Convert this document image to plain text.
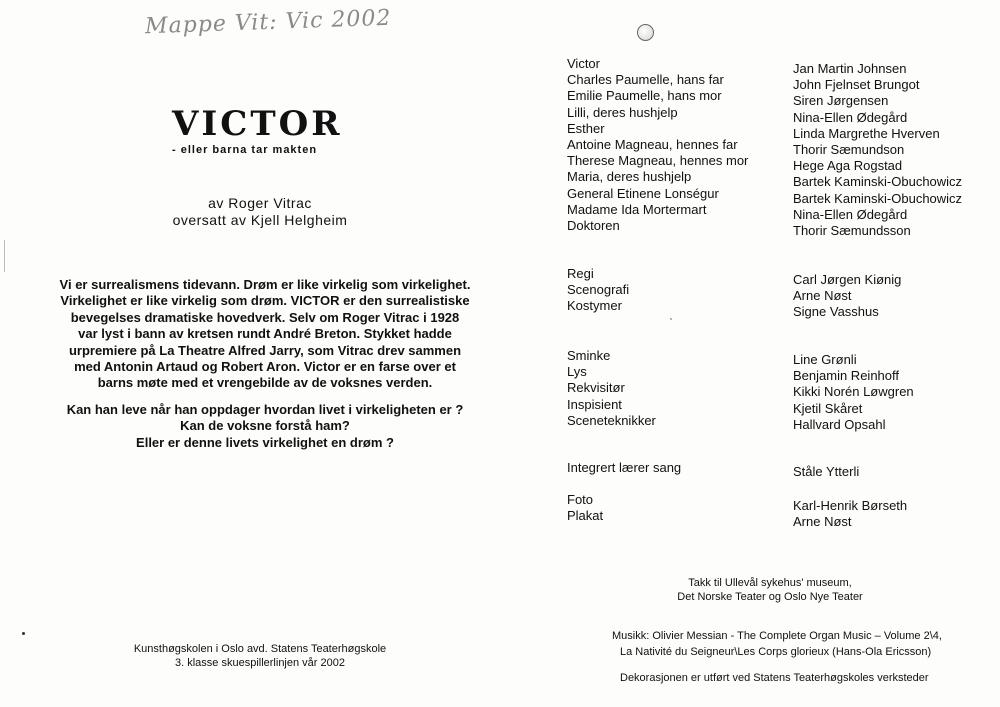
Mappe Vit: Vic 2002
VICTOR
- eller barna tar makten
av Roger Vitrac
oversatt av Kjell Helgheim
Vi er surrealismens tidevann. Drøm er like virkelig som virkelighet.
Virkelighet er like virkelig som drøm. VICTOR er den surrealistiske
bevegelses dramatiske hovedverk. Selv om Roger Vitrac i 1928
var lyst i bann av kretsen rundt André Breton. Stykket hadde
urpremiere på La Theatre Alfred Jarry, som Vitrac drev sammen
med Antonin Artaud og Robert Aron. Victor er en farse over et
barns møte med et vrengebilde av de voksnes verden.
Kan han leve når han oppdager hvordan livet i virkeligheten er ?
Kan de voksne forstå ham?
Eller er denne livets virkelighet en drøm ?
Kunsthøgskolen i Oslo avd. Statens Teaterhøgskole
3. klasse skuespillerlinjen vår 2002
Victor
Charles Paumelle, hans far
Emilie Paumelle, hans mor
Lilli, deres hushjelp
Esther
Antoine Magneau, hennes far
Therese Magneau, hennes mor
Maria, deres hushjelp
General Etinene Lonségur
Madame Ida Mortermart
Doktoren
Jan Martin Johnsen
John Fjelnset Brungot
Siren Jørgensen
Nina-Ellen Ødegård
Linda Margrethe Hverven
Thorir Sæmundson
Hege Aga Rogstad
Bartek Kaminski-Obuchowicz
Bartek Kaminski-Obuchowicz
Nina-Ellen Ødegård
Thorir Sæmundsson
Regi
Scenografi
Kostymer
Carl Jørgen Kiønig
Arne Nøst
Signe Vasshus
Sminke
Lys
Rekvisitør
Inspisient
Sceneteknikker
Line Grønli
Benjamin Reinhoff
Kikki Norén Løwgren
Kjetil Skåret
Hallvard Opsahl
Integrert lærer sang	Ståle Ytterli
Foto
Plakat
Karl-Henrik Børseth
Arne Nøst
Takk til Ullevål sykehus' museum,
Det Norske Teater og Oslo Nye Teater
Musikk: Olivier Messian - The Complete Organ Music – Volume 2\4,
La Nativité du Seigneur\Les Corps glorieux (Hans-Ola Ericsson)
Dekorasjonen er utført ved Statens Teaterhøgskoles verksteder
